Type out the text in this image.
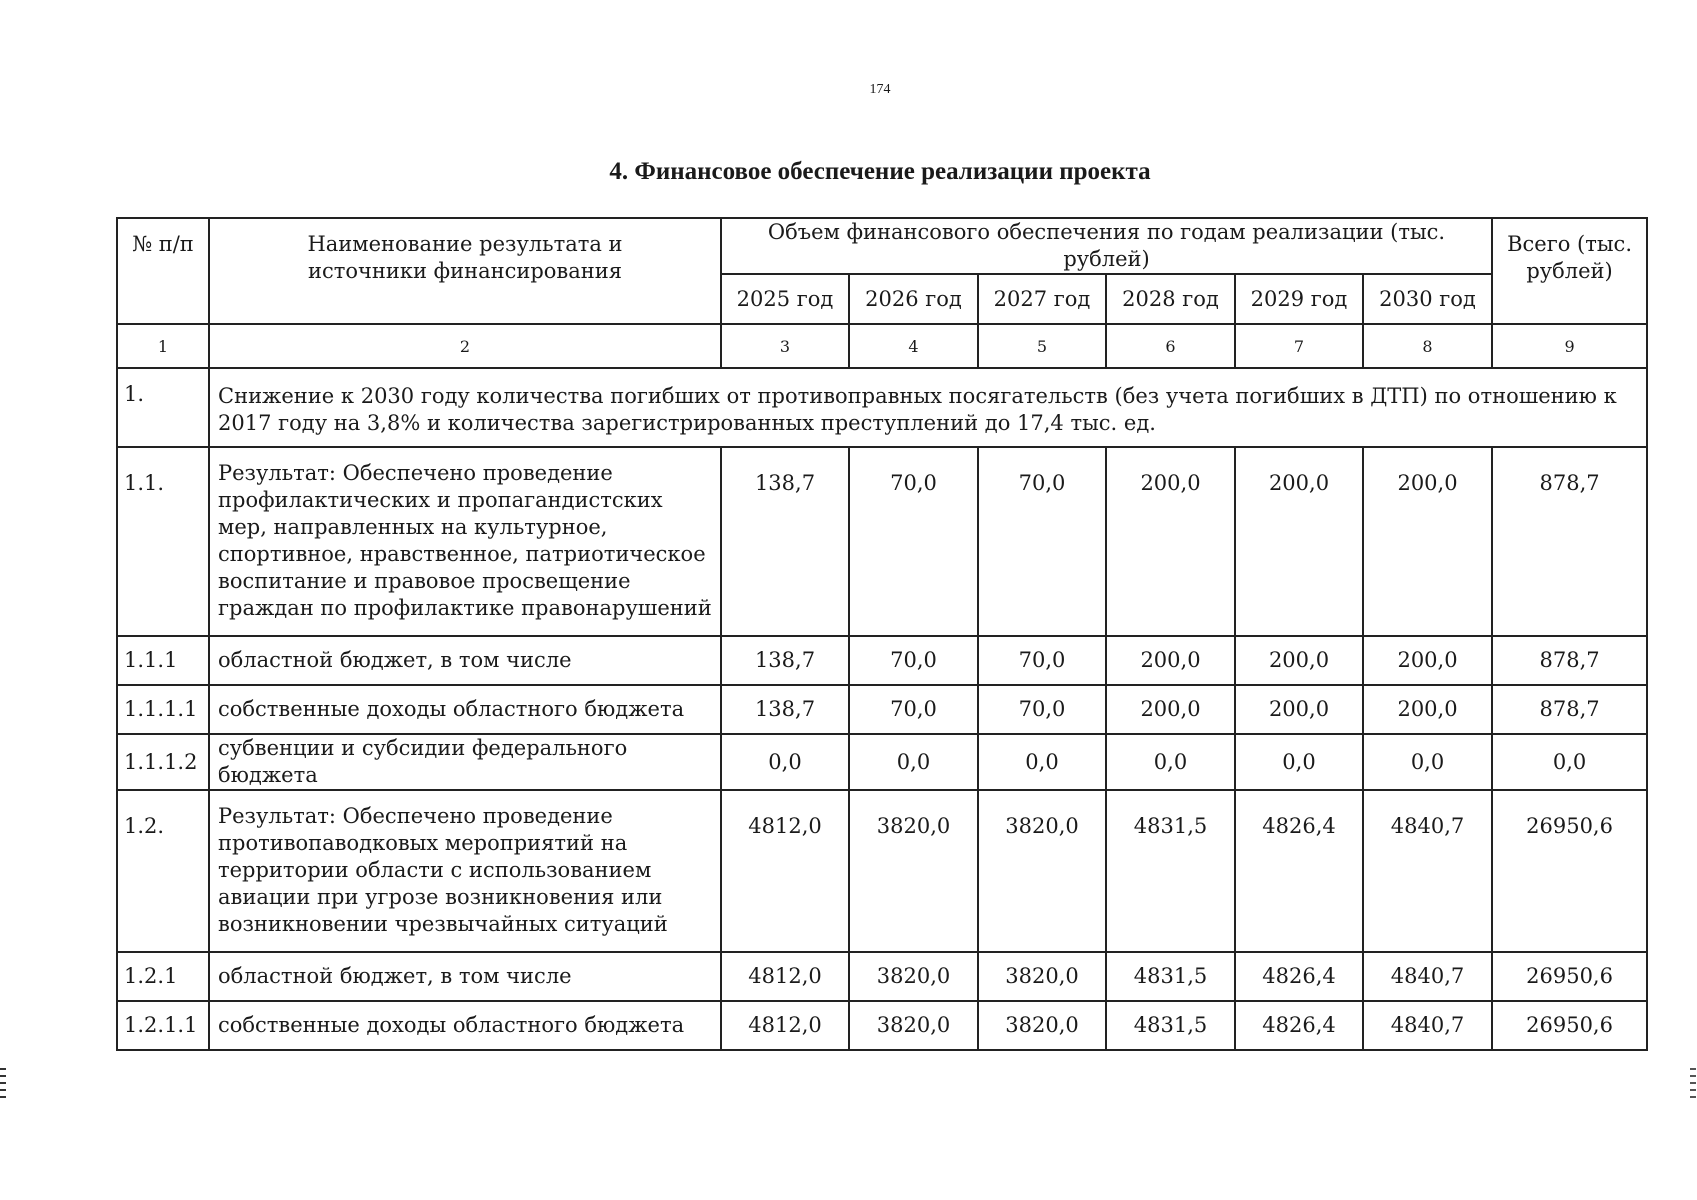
174
4. Финансовое обеспечение реализации проекта
№ п/п	Наименование результата и источники финансирования	Объем финансового обеспечения по годам реализации (тыс. рублей)						Всего (тыс. рублей)
		2025 год	2026 год	2027 год	2028 год	2029 год	2030 год	
1	2	3	4	5	6	7	8	9
1.	Снижение к 2030 году количества погибших от противоправных посягательств (без учета погибших в ДТП) по отношению к 2017 году на 3,8% и количества зарегистрированных преступлений до 17,4 тыс. ед.							
1.1.	Результат: Обеспечено проведение профилактических и пропагандистских мер, направленных на культурное, спортивное, нравственное, патриотическое воспитание и правовое просвещение граждан по профилактике правонарушений	138,7	70,0	70,0	200,0	200,0	200,0	878,7
1.1.1	областной бюджет, в том числе	138,7	70,0	70,0	200,0	200,0	200,0	878,7
1.1.1.1	собственные доходы областного бюджета	138,7	70,0	70,0	200,0	200,0	200,0	878,7
1.1.1.2	субвенции и субсидии федерального бюджета	0,0	0,0	0,0	0,0	0,0	0,0	0,0
1.2.	Результат: Обеспечено проведение противопаводковых мероприятий на территории области с использованием авиации при угрозе возникновения или возникновении чрезвычайных ситуаций	4812,0	3820,0	3820,0	4831,5	4826,4	4840,7	26950,6
1.2.1	областной бюджет, в том числе	4812,0	3820,0	3820,0	4831,5	4826,4	4840,7	26950,6
1.2.1.1	собственные доходы областного бюджета	4812,0	3820,0	3820,0	4831,5	4826,4	4840,7	26950,6
